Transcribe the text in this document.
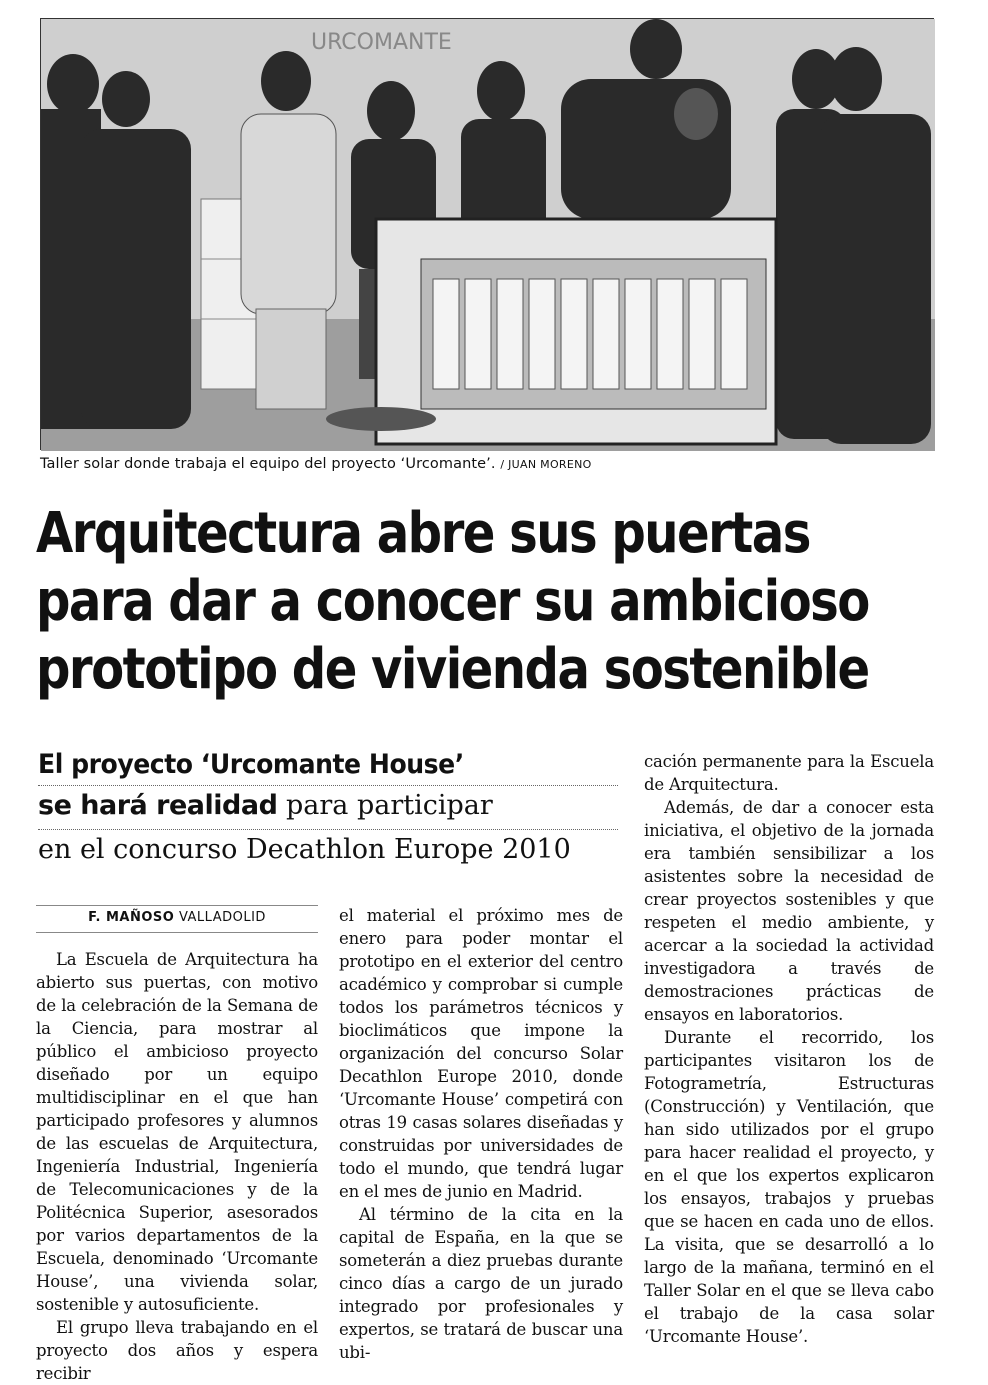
URCOMANTE
Taller solar donde trabaja el equipo del proyecto ‘Urcomante’. / JUAN MORENO
Arquitectura abre sus puertas
para dar a conocer su ambicioso
prototipo de vivienda sostenible
El proyecto ‘Urcomante House’
se hará realidad para participar
en el concurso Decathlon Europe 2010
F. MAÑOSO VALLADOLID

La Escuela de Arquitectura ha abierto sus puertas, con motivo de la celebración de la Semana de la Ciencia, para mostrar al público el ambicioso proyecto diseñado por un equipo multidisciplinar en el que han participado profesores y alumnos de las escuelas de Arquitectura, Ingeniería Industrial, Ingeniería de Telecomunicaciones y de la Politécnica Superior, asesorados por varios departamentos de la Escuela, denominado ‘Urcomante House’, una vivienda solar, sostenible y autosuficiente.

El grupo lleva trabajando en el proyecto dos años y espera recibir

el material el próximo mes de enero para poder montar el prototipo en el exterior del centro académico y comprobar si cumple todos los parámetros técnicos y bioclimáticos que impone la organización del concurso Solar Decathlon Europe 2010, donde ‘Urcomante House’ competirá con otras 19 casas solares diseñadas y construidas por universidades de todo el mundo, que tendrá lugar en el mes de junio en Madrid.

Al término de la cita en la capital de España, en la que se someterán a diez pruebas durante cinco días a cargo de un jurado integrado por profesionales y expertos, se tratará de buscar una ubi-

cación permanente para la Escuela de Arquitectura.

Además, de dar a conocer esta iniciativa, el objetivo de la jornada era también sensibilizar a los asistentes sobre la necesidad de crear proyectos sostenibles y que respeten el medio ambiente, y acercar a la sociedad la actividad investigadora a través de demostraciones prácticas de ensayos en laboratorios.

Durante el recorrido, los participantes visitaron los de Fotogrametría, Estructuras (Construcción) y Ventilación, que han sido utilizados por el grupo para hacer realidad el proyecto, y en el que los expertos explicaron los ensayos, trabajos y pruebas que se hacen en cada uno de ellos. La visita, que se desarrolló a lo largo de la mañana, terminó en el Taller Solar en el que se lleva cabo el trabajo de la casa solar ‘Urcomante House’.
